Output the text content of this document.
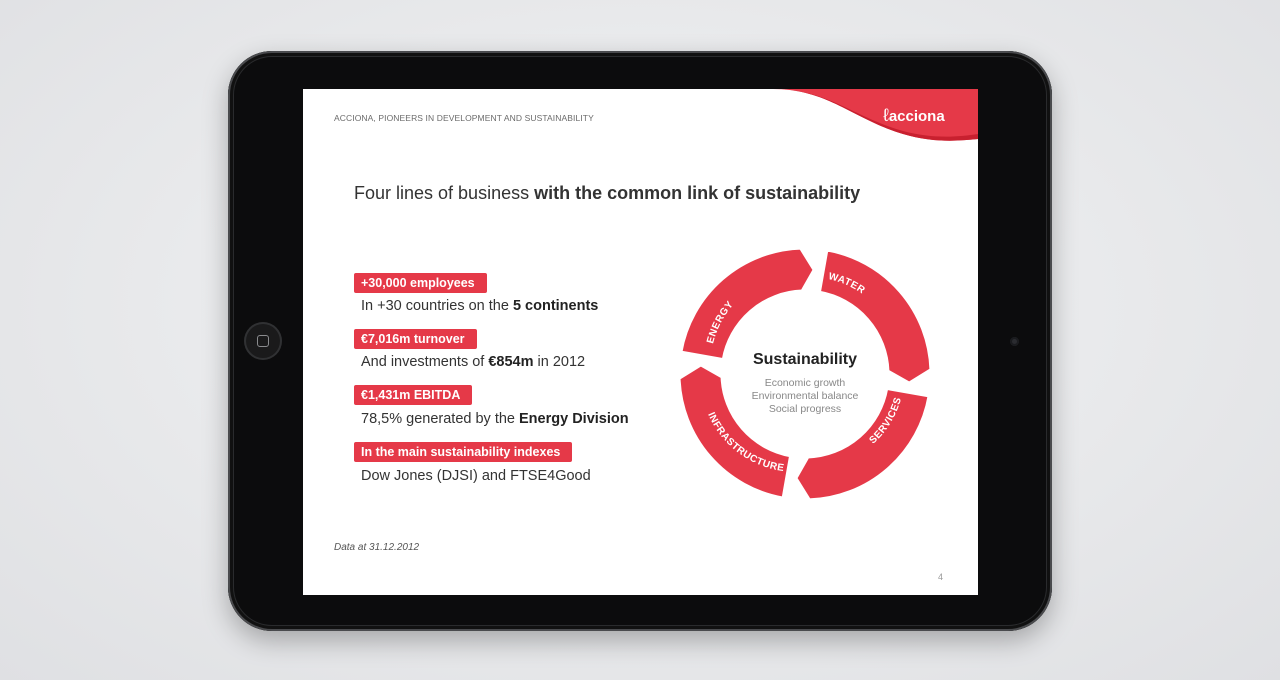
ACCIONA, PIONEERS IN DEVELOPMENT AND SUSTAINABILITY	ℓacciona
Four lines of business with the common link of sustainability
+30,000 employees
In +30 countries on the 5 continents
€7,016m turnover
And investments of €854m in 2012
€1,431m EBITDA
78,5% generated by the Energy Division
In the main sustainability indexes
Dow Jones (DJSI) and FTSE4Good
ENERGY
WATER
SERVICES
INFRASTRUCTURE
Sustainability
Economic growth
Environmental balance
Social progress
Data at 31.12.2012
4
